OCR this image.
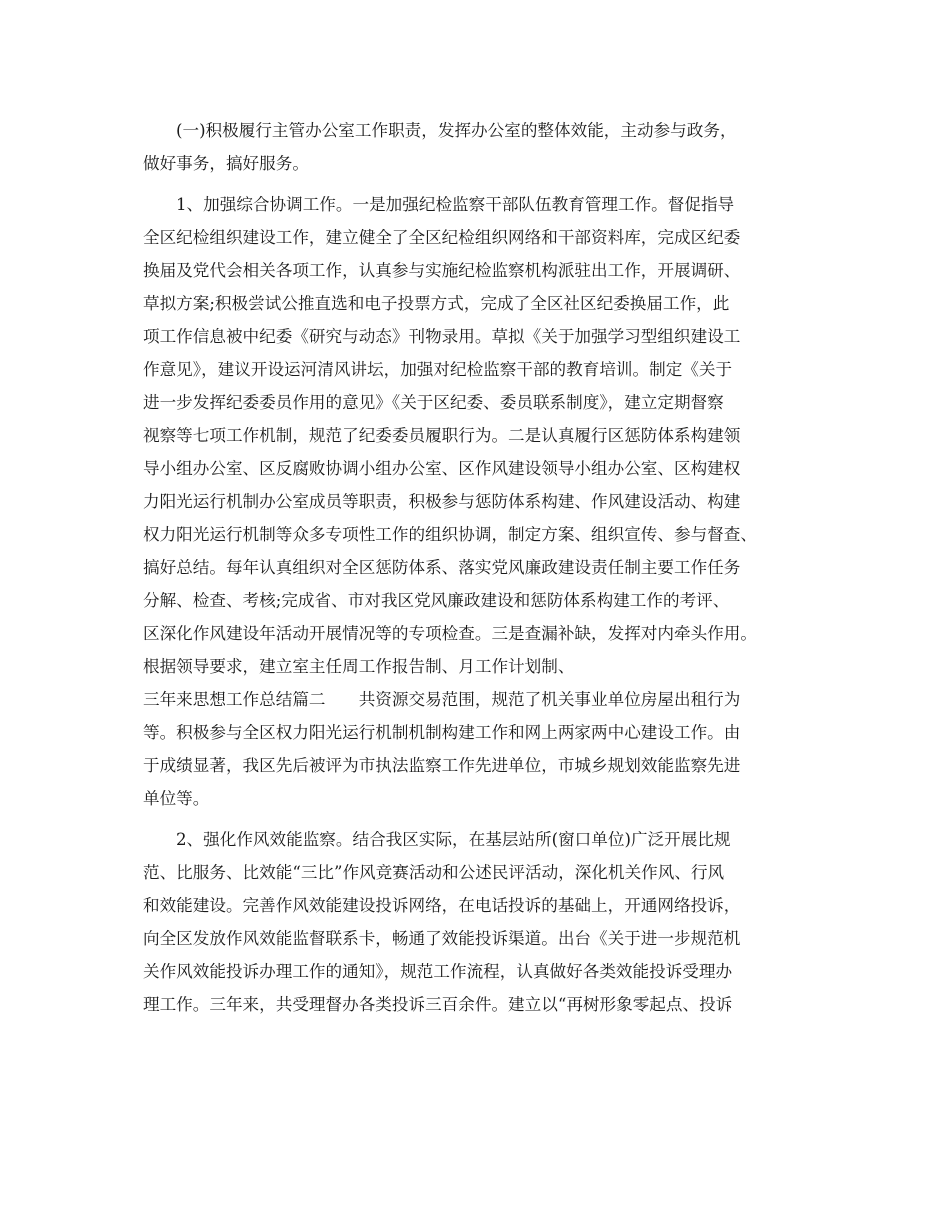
(一)积极履行主管办公室工作职责，发挥办公室的整体效能，主动参与政务，
做好事务，搞好服务。
1、加强综合协调工作。一是加强纪检监察干部队伍教育管理工作。督促指导
全区纪检组织建设工作，建立健全了全区纪检组织网络和干部资料库，完成区纪委
换届及党代会相关各项工作，认真参与实施纪检监察机构派驻出工作，开展调研、
草拟方案;积极尝试公推直选和电子投票方式，完成了全区社区纪委换届工作，此
项工作信息被中纪委《研究与动态》刊物录用。草拟《关于加强学习型组织建设工
作意见》，建议开设运河清风讲坛，加强对纪检监察干部的教育培训。制定《关于
进一步发挥纪委委员作用的意见》《关于区纪委、委员联系制度》，建立定期督察
视察等七项工作机制，规范了纪委委员履职行为。二是认真履行区惩防体系构建领
导小组办公室、区反腐败协调小组办公室、区作风建设领导小组办公室、区构建权
力阳光运行机制办公室成员等职责，积极参与惩防体系构建、作风建设活动、构建
权力阳光运行机制等众多专项性工作的组织协调，制定方案、组织宣传、参与督查、
搞好总结。每年认真组织对全区惩防体系、落实党风廉政建设责任制主要工作任务
分解、检查、考核;完成省、市对我区党风廉政建设和惩防体系构建工作的考评、
区深化作风建设年活动开展情况等的专项检查。三是查漏补缺，发挥对内牵头作用。
根据领导要求，建立室主任周工作报告制、月工作计划制、
三年来思想工作总结篇二　　共资源交易范围，规范了机关事业单位房屋出租行为
等。积极参与全区权力阳光运行机制机制构建工作和网上两家两中心建设工作。由
于成绩显著，我区先后被评为市执法监察工作先进单位，市城乡规划效能监察先进
单位等。
2、强化作风效能监察。结合我区实际，在基层站所(窗口单位)广泛开展比规
范、比服务、比效能“三比”作风竞赛活动和公述民评活动，深化机关作风、行风
和效能建设。完善作风效能建设投诉网络，在电话投诉的基础上，开通网络投诉，
向全区发放作风效能监督联系卡，畅通了效能投诉渠道。出台《关于进一步规范机
关作风效能投诉办理工作的通知》，规范工作流程，认真做好各类效能投诉受理办
理工作。三年来，共受理督办各类投诉三百余件。建立以“再树形象零起点、投诉
